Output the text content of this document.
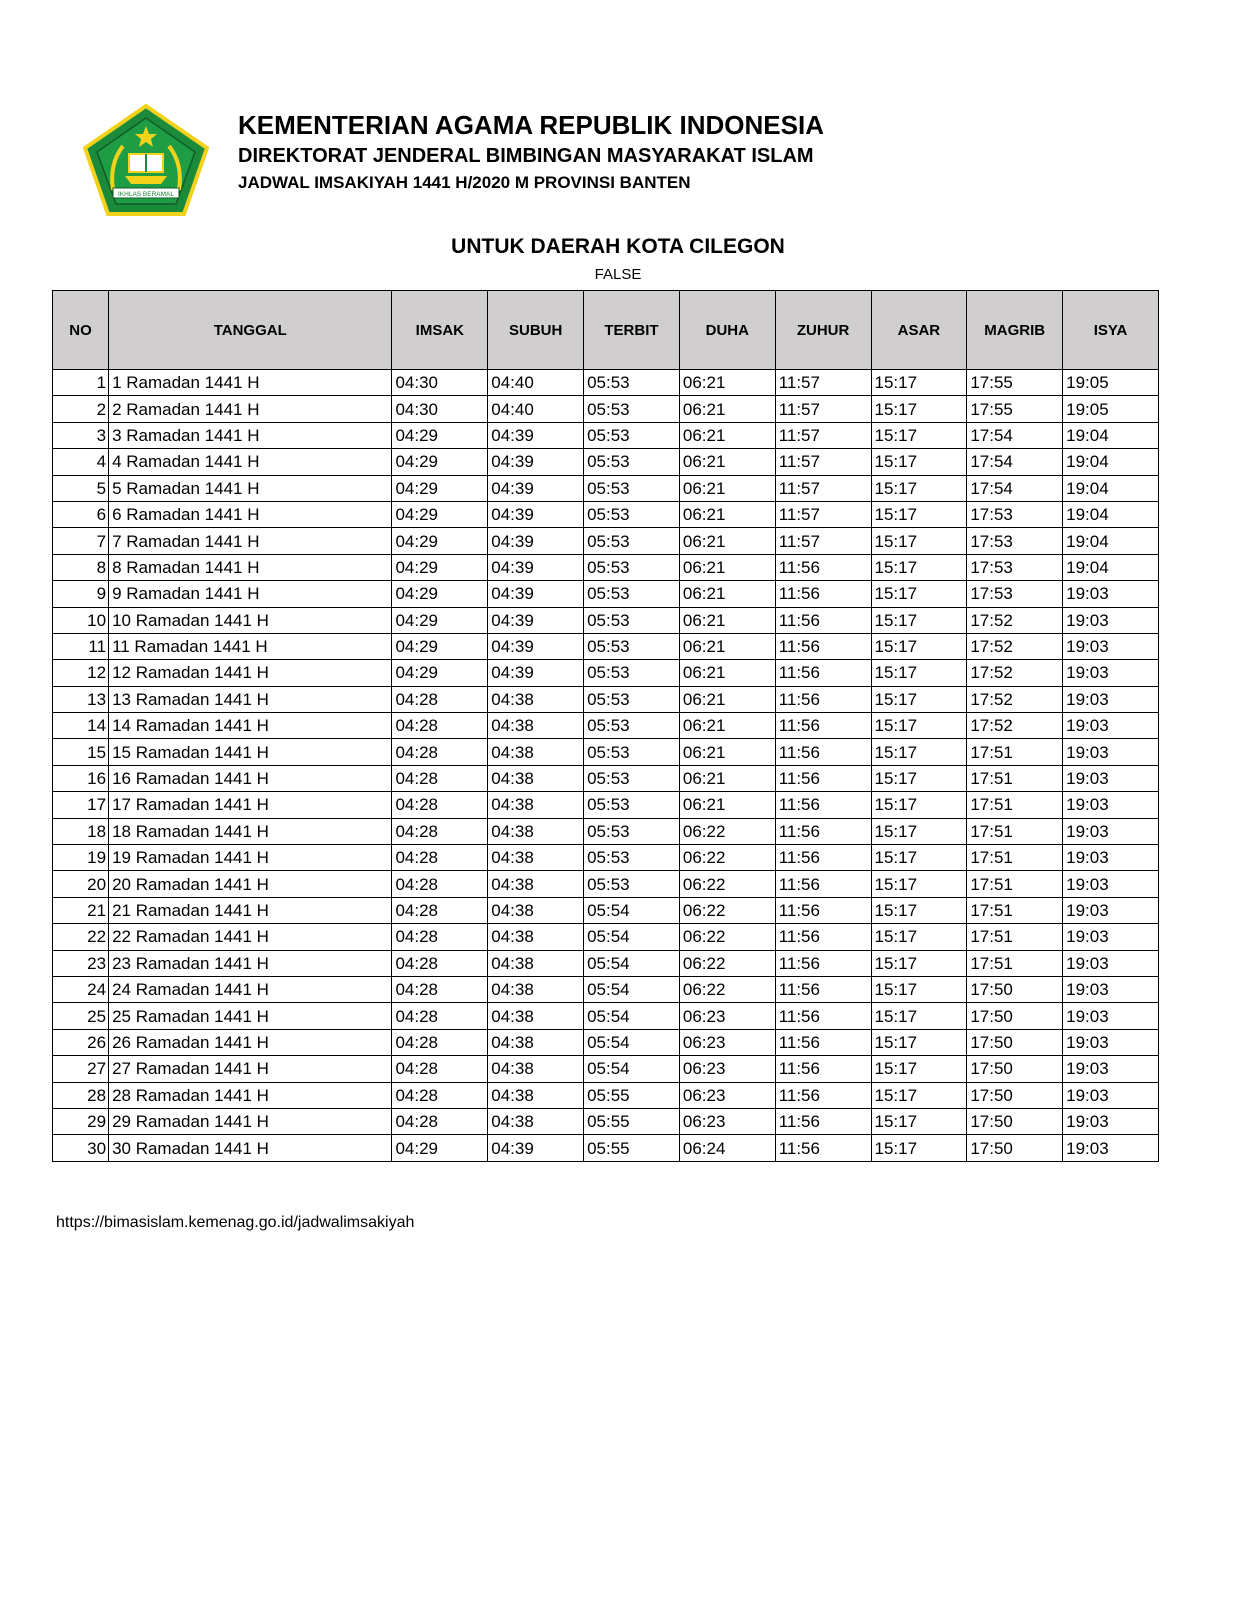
IKHLAS BERAMAL
KEMENTERIAN AGAMA REPUBLIK INDONESIA
DIREKTORAT JENDERAL BIMBINGAN MASYARAKAT ISLAM
JADWAL IMSAKIYAH 1441 H/2020 M PROVINSI BANTEN
UNTUK DAERAH KOTA CILEGON
FALSE
NO	TANGGAL	IMSAK	SUBUH	TERBIT	DUHA	ZUHUR	ASAR	MAGRIB	ISYA
1	1 Ramadan 1441 H	04:30	04:40	05:53	06:21	11:57	15:17	17:55	19:05
2	2 Ramadan 1441 H	04:30	04:40	05:53	06:21	11:57	15:17	17:55	19:05
3	3 Ramadan 1441 H	04:29	04:39	05:53	06:21	11:57	15:17	17:54	19:04
4	4 Ramadan 1441 H	04:29	04:39	05:53	06:21	11:57	15:17	17:54	19:04
5	5 Ramadan 1441 H	04:29	04:39	05:53	06:21	11:57	15:17	17:54	19:04
6	6 Ramadan 1441 H	04:29	04:39	05:53	06:21	11:57	15:17	17:53	19:04
7	7 Ramadan 1441 H	04:29	04:39	05:53	06:21	11:57	15:17	17:53	19:04
8	8 Ramadan 1441 H	04:29	04:39	05:53	06:21	11:56	15:17	17:53	19:04
9	9 Ramadan 1441 H	04:29	04:39	05:53	06:21	11:56	15:17	17:53	19:03
10	10 Ramadan 1441 H	04:29	04:39	05:53	06:21	11:56	15:17	17:52	19:03
11	11 Ramadan 1441 H	04:29	04:39	05:53	06:21	11:56	15:17	17:52	19:03
12	12 Ramadan 1441 H	04:29	04:39	05:53	06:21	11:56	15:17	17:52	19:03
13	13 Ramadan 1441 H	04:28	04:38	05:53	06:21	11:56	15:17	17:52	19:03
14	14 Ramadan 1441 H	04:28	04:38	05:53	06:21	11:56	15:17	17:52	19:03
15	15 Ramadan 1441 H	04:28	04:38	05:53	06:21	11:56	15:17	17:51	19:03
16	16 Ramadan 1441 H	04:28	04:38	05:53	06:21	11:56	15:17	17:51	19:03
17	17 Ramadan 1441 H	04:28	04:38	05:53	06:21	11:56	15:17	17:51	19:03
18	18 Ramadan 1441 H	04:28	04:38	05:53	06:22	11:56	15:17	17:51	19:03
19	19 Ramadan 1441 H	04:28	04:38	05:53	06:22	11:56	15:17	17:51	19:03
20	20 Ramadan 1441 H	04:28	04:38	05:53	06:22	11:56	15:17	17:51	19:03
21	21 Ramadan 1441 H	04:28	04:38	05:54	06:22	11:56	15:17	17:51	19:03
22	22 Ramadan 1441 H	04:28	04:38	05:54	06:22	11:56	15:17	17:51	19:03
23	23 Ramadan 1441 H	04:28	04:38	05:54	06:22	11:56	15:17	17:51	19:03
24	24 Ramadan 1441 H	04:28	04:38	05:54	06:22	11:56	15:17	17:50	19:03
25	25 Ramadan 1441 H	04:28	04:38	05:54	06:23	11:56	15:17	17:50	19:03
26	26 Ramadan 1441 H	04:28	04:38	05:54	06:23	11:56	15:17	17:50	19:03
27	27 Ramadan 1441 H	04:28	04:38	05:54	06:23	11:56	15:17	17:50	19:03
28	28 Ramadan 1441 H	04:28	04:38	05:55	06:23	11:56	15:17	17:50	19:03
29	29 Ramadan 1441 H	04:28	04:38	05:55	06:23	11:56	15:17	17:50	19:03
30	30 Ramadan 1441 H	04:29	04:39	05:55	06:24	11:56	15:17	17:50	19:03
https://bimasislam.kemenag.go.id/jadwalimsakiyah
